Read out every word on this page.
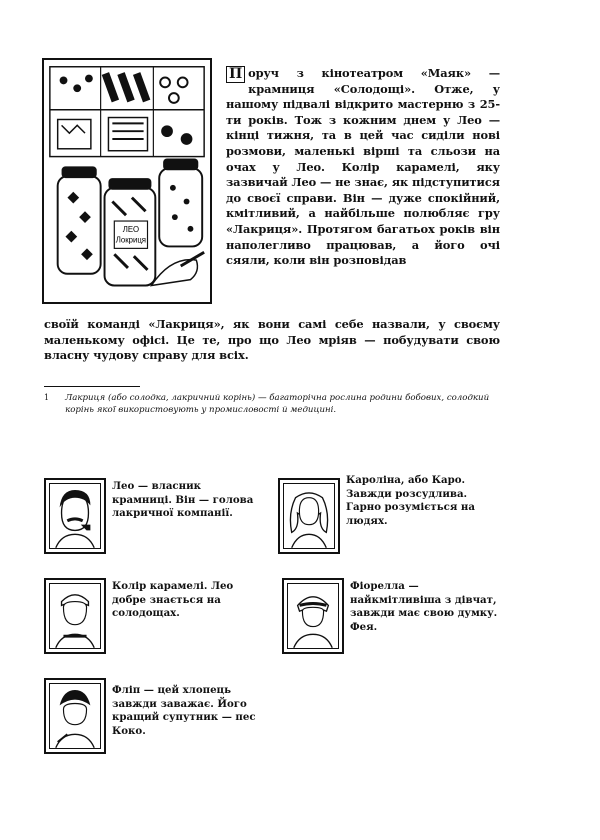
ЛЕО
Локриця
П оруч з кінотеатром «Маяк» — крамниця «Солодощі». Отже, у нашому підвалі відкрито мастерню з 25-ти років. Тож з кожним днем у Лео — кінці тижня, та в цей час сиділи нові розмови, маленькі вірші та сльози на очах у Лео. Колір карамелі, яку зазвичай Лео — не знає, як підступитися до своєї справи. Він — дуже спокійний, кмітливий, а найбільше полюбляє гру «Лакриця». Протягом багатьох років він наполегливо працював, а його очі сяяли, коли він розповідав
своїй команді «Лакриця», як вони самі себе назвали, у своєму маленькому офісі. Це те, про що Лео мріяв — побудувати свою власну чудову справу для всіх.
1 Лакриця (або солодка, лакричний корінь) — багаторічна рослина родини бобових, солодкий корінь якої використовують у промисловості й медицині.
Лео — власник крамниці. Він — голова лакричної компанії.
Кароліна, або Каро. Завжди розсудлива. Гарно розуміється на людях.
Колір карамелі. Лео добре знається на солодощах.
Фіорелла — найкмітливіша з дівчат, завжди має свою думку. Фея.
Фліп — цей хлопець завжди заважає. Його кращий супутник — пес Коко.
